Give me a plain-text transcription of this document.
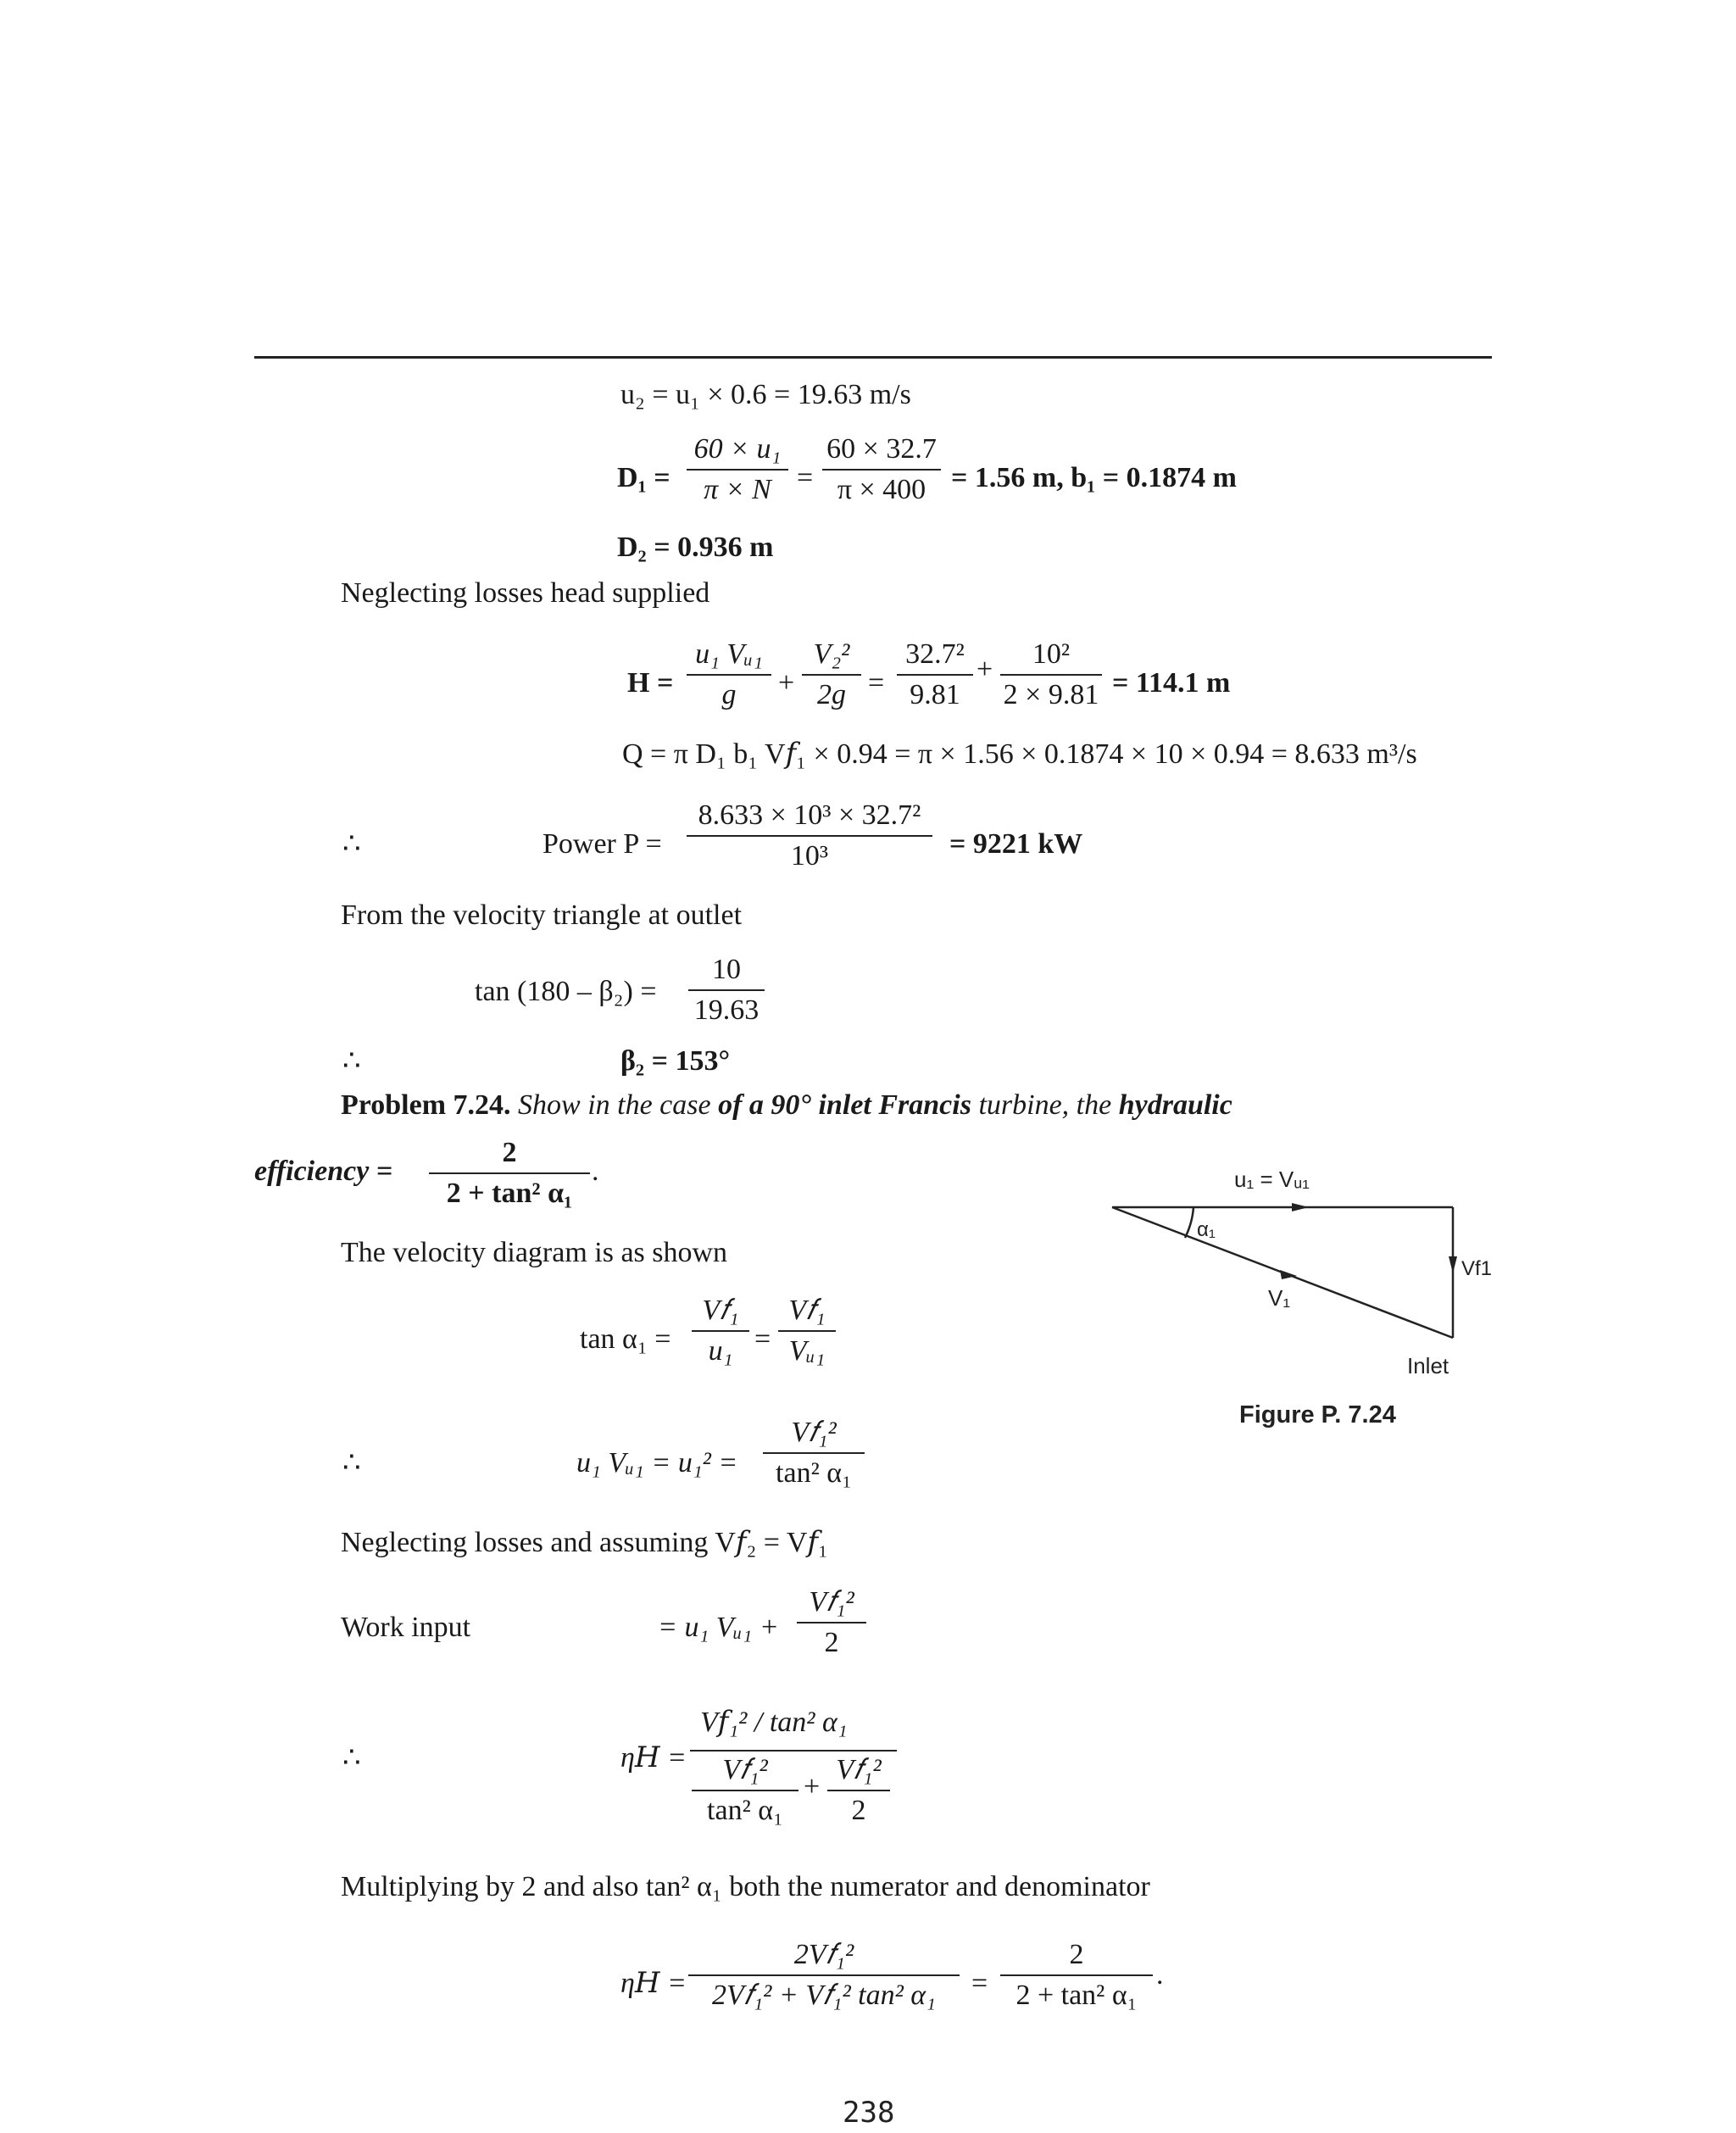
u₂ = u₁ × 0.6 = 19.63 m/s
D₁ =
60 × u₁
π × N =
60 × 32.7
π × 400 = 1.56 m, b₁ = 0.1874 m
D₂ = 0.936 m
Neglecting losses head supplied
H =
u₁ Vᵤ₁
g	+
V₂²
2g =
32.7²
9.81
+	10²
2 × 9.81 = 114.1 m
Q = π D₁ b₁ V𝑓₁ × 0.94 = π × 1.56 × 0.1874 × 10 × 0.94 = 8.633 m³/s
∴	Power P =
8.633 × 10³ × 32.7²
10³	= 9221 kW
From the velocity triangle at outlet
tan (180 – β₂) =
10
19.63
∴	β₂ = 153°
Problem 7.24. Show in the case of a 90° inlet Francis turbine, the hydraulic
efficiency =
2
2 + tan² α₁
.
The velocity diagram is as shown
tan α₁ =
V𝑓₁
u₁ =
V𝑓₁
Vᵤ₁
∴	u₁ Vᵤ₁ = u₁² =
V𝑓₁²
tan² α₁
Neglecting losses and assuming V𝑓₂ = V𝑓₁
Work input	= u₁ Vᵤ₁ +
V𝑓₁²
2
∴	η𝐻 =
V𝑓₁² / tan² α₁
V𝑓₁²
tan² α₁
+
V𝑓₁²
2
Multiplying by 2 and also tan² α₁ both the numerator and denominator
η𝐻 =
2V𝑓₁²
2V𝑓₁² + V𝑓₁² tan² α₁	=
2
2 + tan² α₁
.
u₁ = Vᵤ₁
α₁
Vf1
V₁
Inlet
Figure P. 7.24
238
